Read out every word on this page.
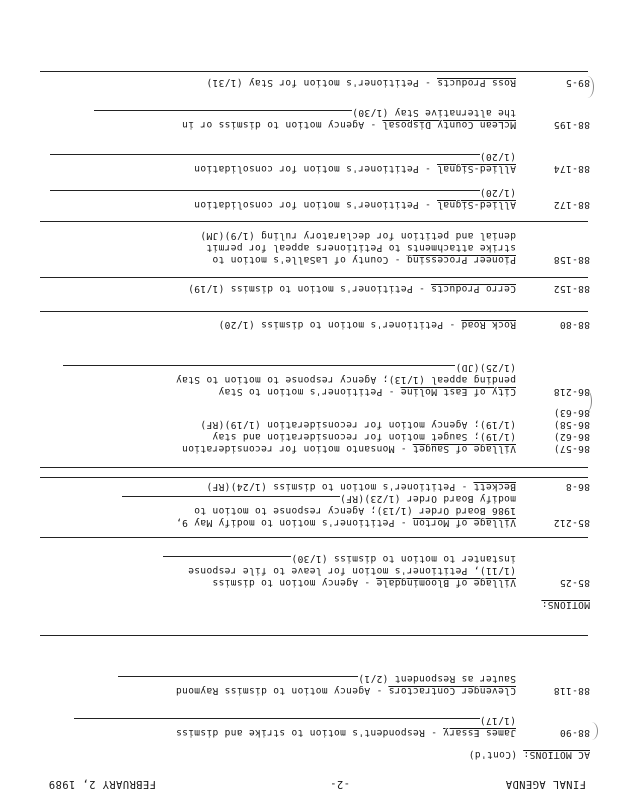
FINAL AGENDA
-2-
FEBRUARY 2, 1989
AC MOTIONS: (Cont'd)
88-90
James Essary - Respondent's motion to strike and dismiss
(1/17)
88-118
Clevenger Contractors - Agency motion to dismiss Raymond
Sauter as Respondent (2/1)
MOTIONS:
85-25
Village of Bloomingdale - Agency motion to dismiss
(1/11), Petitioner's motion for leave to file response
instanter to motion to dismiss (1/30)
85-212
Village of Morton - Petitioner's motion to modify May 9,
1986 Board Order (1/13); Agency response to motion to
modify Board Order (1/23)(RF)
86-8
Beckett - Petitioner's motion to dismiss (1/24)(RF)
86-57)
86-62)
86-58)
86-63)
Village of Sauget - Monsanto motion for reconsideration
(1/19); Sauget motion for reconsideration and stay
(1/19); Agency motion for reconsideration (1/19)(RF)
86-218
City of East Moline - Petitioner's motion to Stay
pending appeal (1/13); Agency response to motion to Stay
(1/25)(JD)
88-80
Rock Road - Petitioner's motion to dismiss (1/20)
88-152
Cerro Products - Petitioner's motion to dismiss (1/19)
88-158
Pioneer Processing - County of LaSalle's motion to
strike attachments to Petitioners appeal for permit
denial and petition for declaratory ruling (1/9)(JM)
88-172
Allied-Signal - Petitioner's motion for consolidation
(1/20)
88-174
Allied-Signal - Petitioner's motion for consolidation
(1/20)
88-195
McLean County Disposal - Agency motion to dismiss or in
the alternative Stay (1/30)
89-5
Ross Products - Petitioner's motion for Stay (1/31)
